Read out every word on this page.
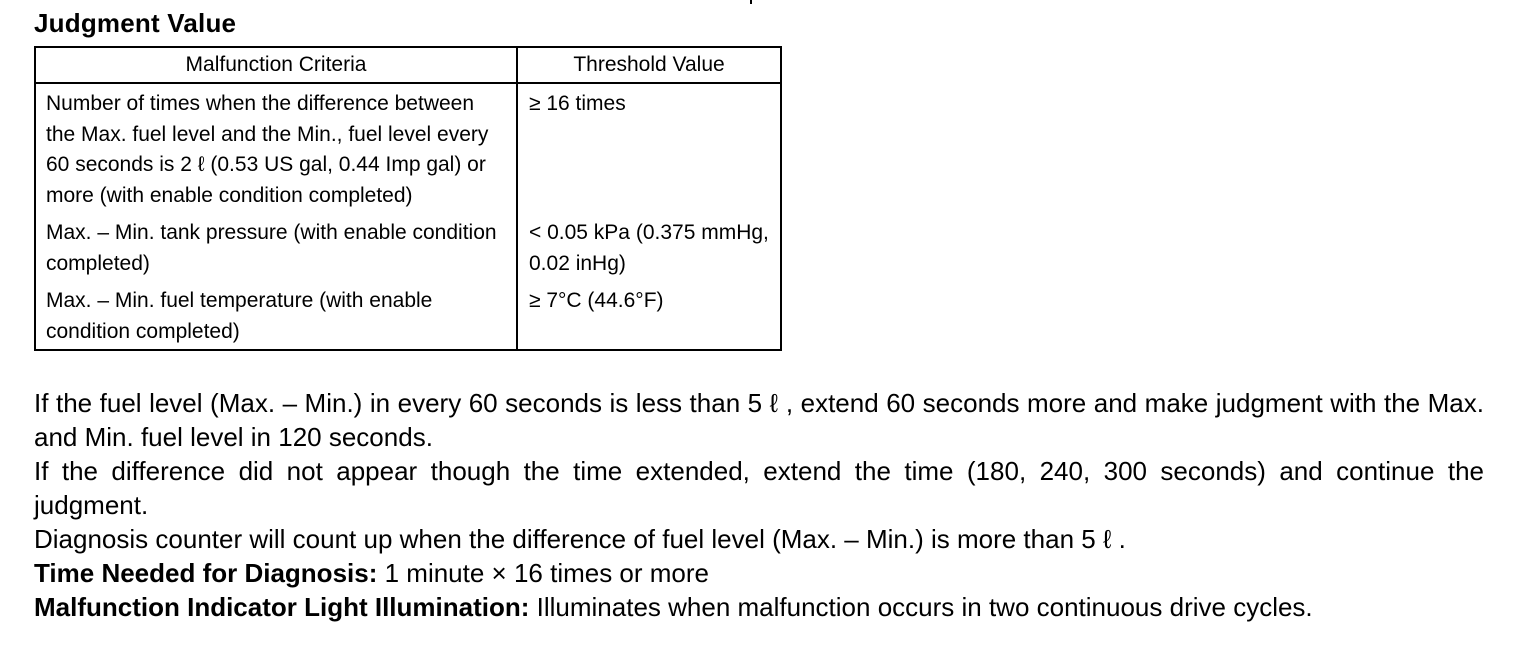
Judgment Value
Malfunction Criteria	Threshold Value
Number of times when the difference between the Max. fuel level and the Min., fuel level every 60 seconds is 2 ℓ (0.53 US gal, 0.44 Imp gal) or more (with enable condition completed)	≥ 16 times
Max. – Min. tank pressure (with enable condition completed)	< 0.05 kPa (0.375 mmHg, 0.02 inHg)
Max. – Min. fuel temperature (with enable condition completed)	≥ 7°C (44.6°F)

If the fuel level (Max. – Min.) in every 60 seconds is less than 5 ℓ , extend 60 seconds more and make judgment with the Max. and Min. fuel level in 120 seconds.

If the difference did not appear though the time extended, extend the time (180, 240, 300 seconds) and continue the judgment.

Diagnosis counter will count up when the difference of fuel level (Max. – Min.) is more than 5 ℓ .

Time Needed for Diagnosis: 1 minute × 16 times or more

Malfunction Indicator Light Illumination: Illuminates when malfunction occurs in two continuous drive cycles.
